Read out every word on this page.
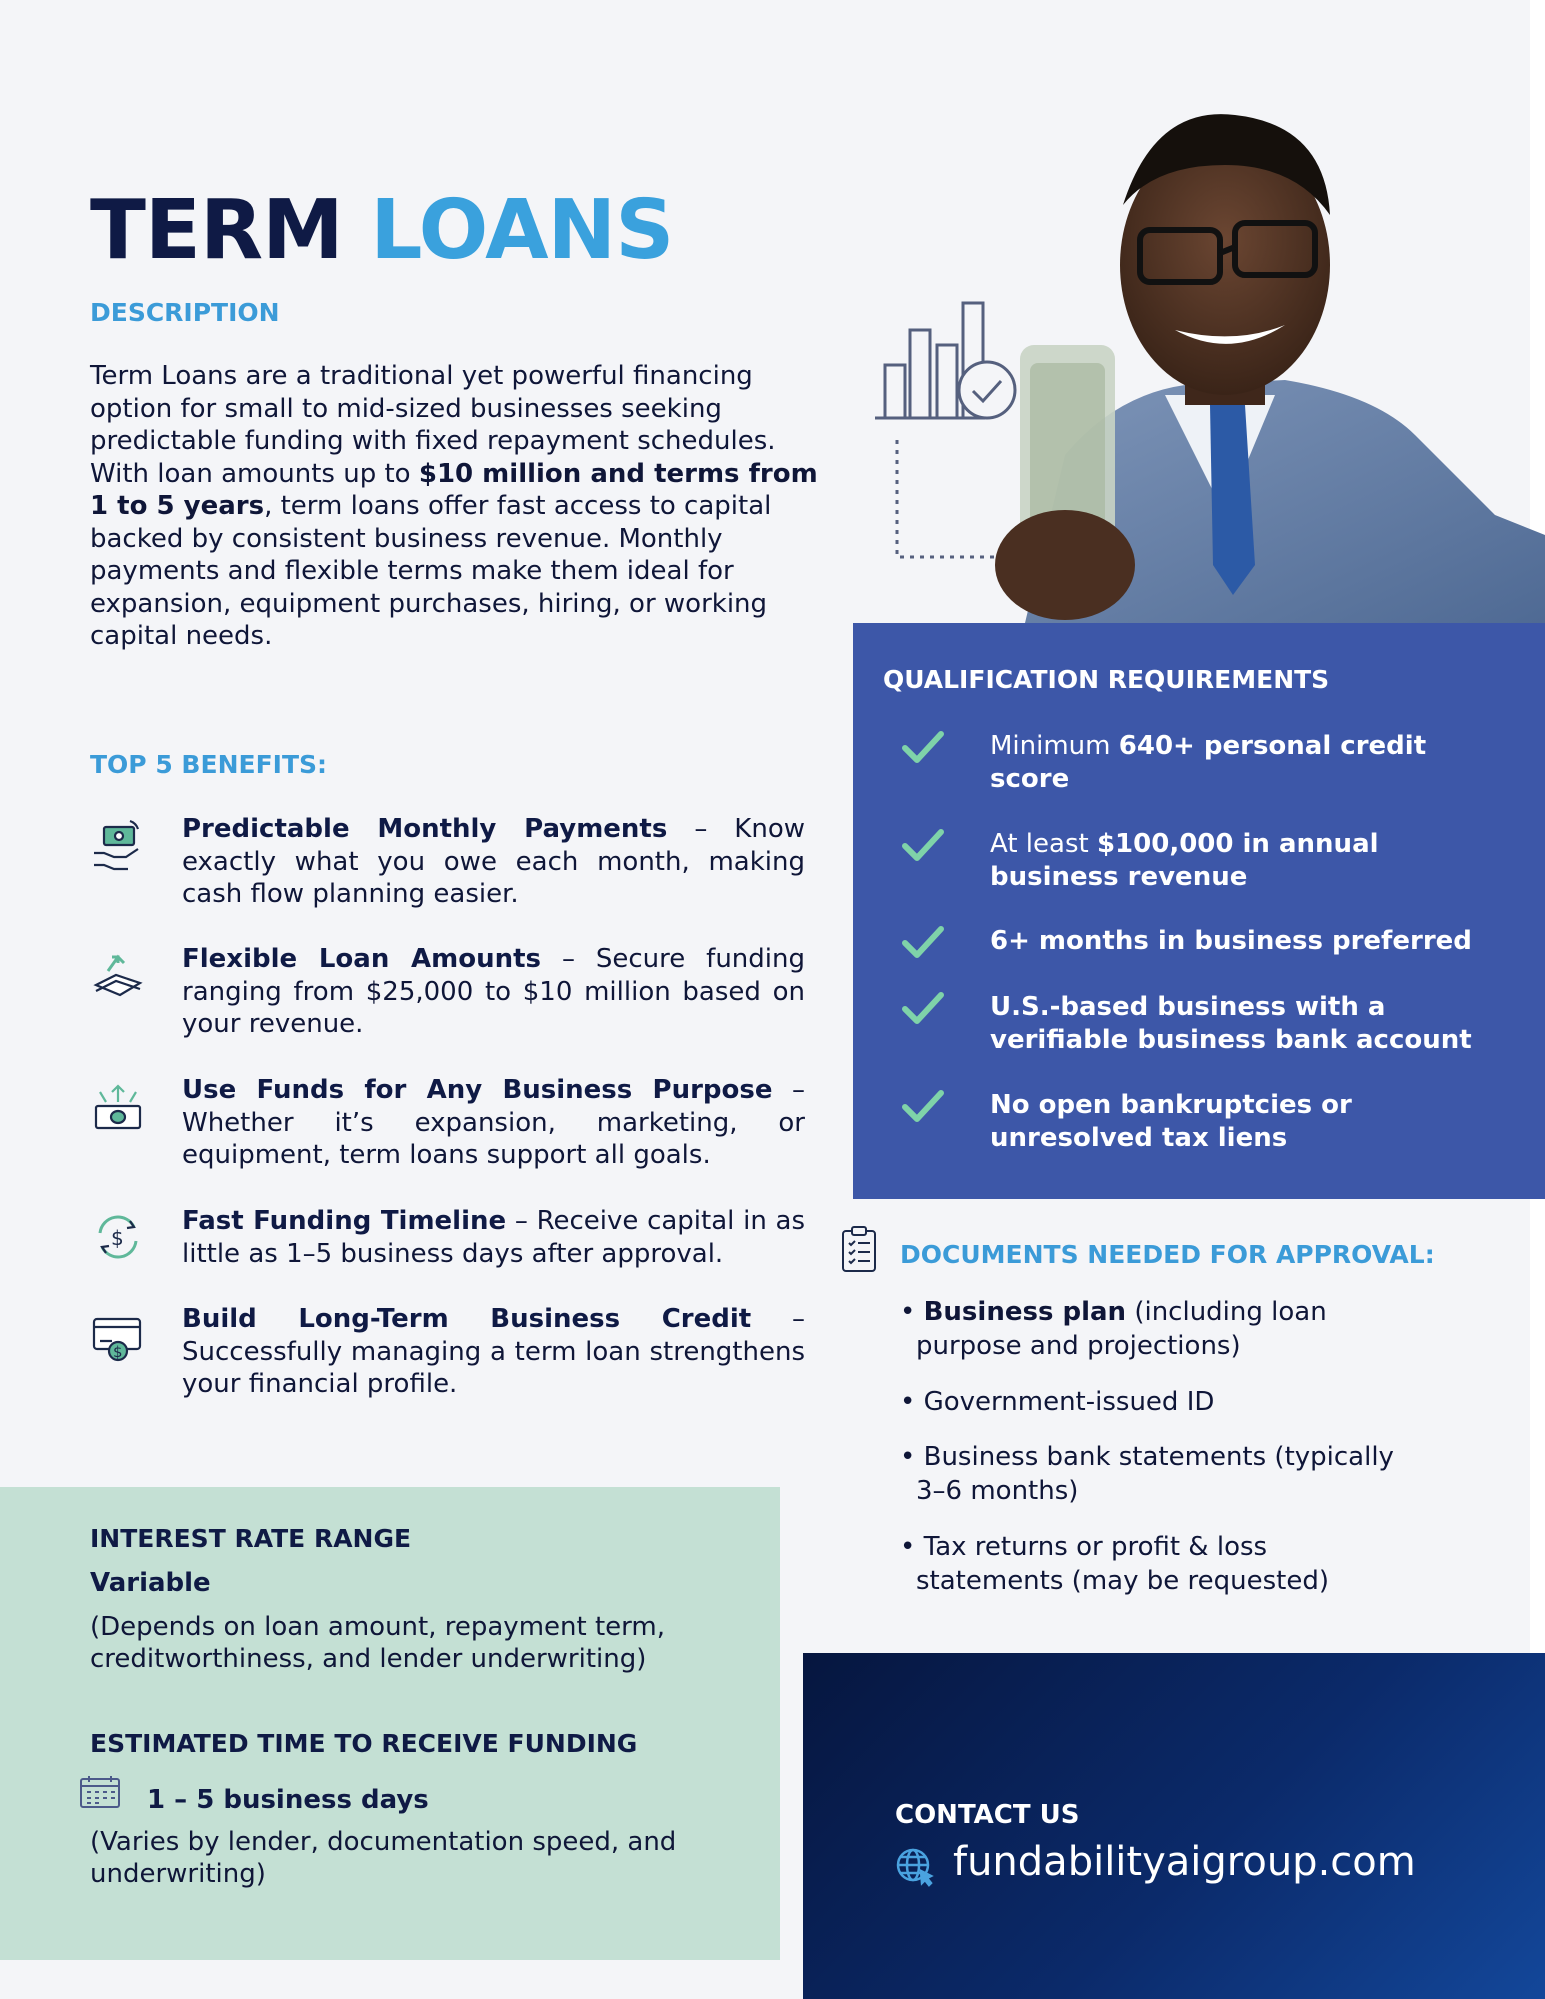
TERM LOANS
DESCRIPTION
Term Loans are a traditional yet powerful financing option for small to mid-sized businesses seeking predictable funding with fixed repayment schedules. With loan amounts up to $10 million and terms from 1 to 5 years, term loans offer fast access to capital backed by consistent business revenue. Monthly payments and flexible terms make them ideal for expansion, equipment purchases, hiring, or working capital needs.
TOP 5 BENEFITS:
Predictable Monthly Payments – Know exactly what you owe each month, making cash flow planning easier.
Flexible Loan Amounts – Secure funding ranging from $25,000 to $10 million based on your revenue.
Use Funds for Any Business Purpose – Whether it’s expansion, marketing, or equipment, term loans support all goals.
$
Fast Funding Timeline – Receive capital in as little as 1–5 business days after approval.
$
Build Long-Term Business Credit – Successfully managing a term loan strengthens your financial profile.
QUALIFICATION REQUIREMENTS
Minimum 640+ personal credit score
At least $100,000 in annual business revenue
6+ months in business preferred
U.S.-based business with a verifiable business bank account
No open bankruptcies or unresolved tax liens
DOCUMENTS NEEDED FOR APPROVAL:
• Business plan (including loan
purpose and projections)
• Government-issued ID
• Business bank statements (typically
3–6 months)
• Tax returns or profit & loss
statements (may be requested)
INTEREST RATE RANGE
Variable
(Depends on loan amount, repayment term, creditworthiness, and lender underwriting)
ESTIMATED TIME TO RECEIVE FUNDING
1 – 5 business days
(Varies by lender, documentation speed, and underwriting)
CONTACT US
fundabilityaigroup.com
